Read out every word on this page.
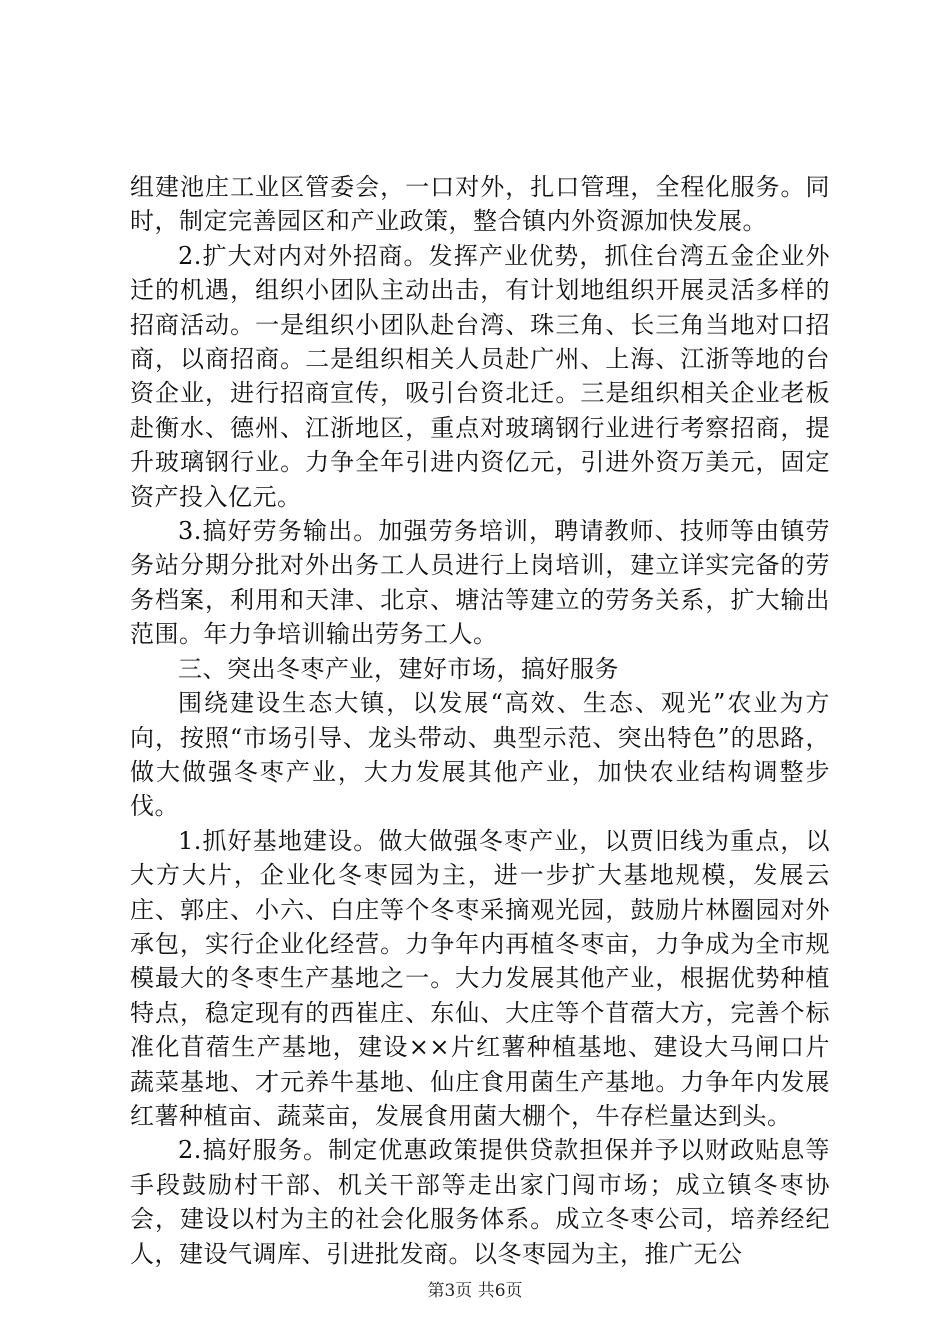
组建池庄工业区管委会，一口对外，扎口管理，全程化服务。同时，制定完善园区和产业政策，整合镇内外资源加快发展。

2.扩大对内对外招商。发挥产业优势，抓住台湾五金企业外迁的机遇，组织小团队主动出击，有计划地组织开展灵活多样的招商活动。一是组织小团队赴台湾、珠三角、长三角当地对口招商，以商招商。二是组织相关人员赴广州、上海、江浙等地的台资企业，进行招商宣传，吸引台资北迁。三是组织相关企业老板赴衡水、德州、江浙地区，重点对玻璃钢行业进行考察招商，提升玻璃钢行业。力争全年引进内资亿元，引进外资万美元，固定资产投入亿元。

3.搞好劳务输出。加强劳务培训，聘请教师、技师等由镇劳务站分期分批对外出务工人员进行上岗培训，建立详实完备的劳务档案，利用和天津、北京、塘沽等建立的劳务关系，扩大输出范围。年力争培训输出劳务工人。

三、突出冬枣产业，建好市场，搞好服务

围绕建设生态大镇，以发展“高效、生态、观光”农业为方向，按照“市场引导、龙头带动、典型示范、突出特色”的思路，做大做强冬枣产业，大力发展其他产业，加快农业结构调整步伐。

1.抓好基地建设。做大做强冬枣产业，以贾旧线为重点，以大方大片，企业化冬枣园为主，进一步扩大基地规模，发展云庄、郭庄、小六、白庄等个冬枣采摘观光园，鼓励片林圈园对外承包，实行企业化经营。力争年内再植冬枣亩，力争成为全市规模最大的冬枣生产基地之一。大力发展其他产业，根据优势种植特点，稳定现有的西崔庄、东仙、大庄等个苜蓿大方，完善个标准化苜蓿生产基地，建设××片红薯种植基地、建设大马闸口片蔬菜基地、才元养牛基地、仙庄食用菌生产基地。力争年内发展红薯种植亩、蔬菜亩，发展食用菌大棚个，牛存栏量达到头。

2.搞好服务。制定优惠政策提供贷款担保并予以财政贴息等手段鼓励村干部、机关干部等走出家门闯市场；成立镇冬枣协会，建设以村为主的社会化服务体系。成立冬枣公司，培养经纪人，建设气调库、引进批发商。以冬枣园为主，推广无公

第3页 共6页
